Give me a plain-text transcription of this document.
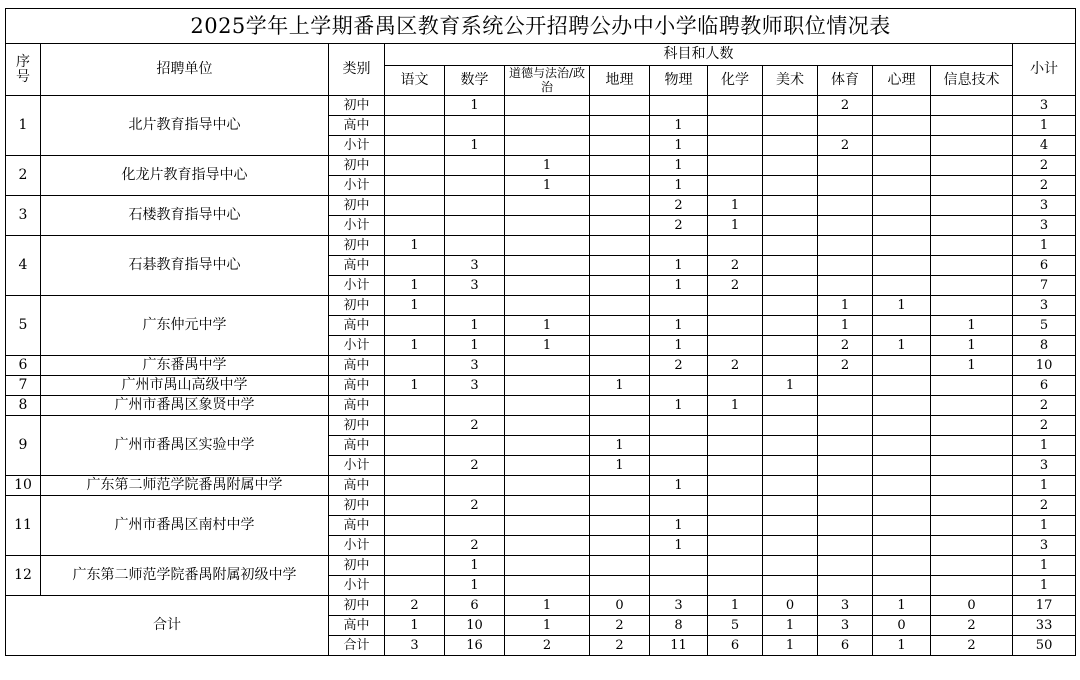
2025学年上学期番禺区教育系统公开招聘公办中小学临聘教师职位情况表													
序
号	招聘单位	类别	科目和人数										小计
			语文	数学	道德与法治/政治	地理	物理	化学	美术	体育	心理	信息技术	
1	北片教育指导中心	初中		1						2			3
		高中					1						1
		小计		1			1			2			4
2	化龙片教育指导中心	初中			1		1						2
		小计			1		1						2
3	石楼教育指导中心	初中					2	1					3
		小计					2	1					3
4	石碁教育指导中心	初中	1										1
		高中		3			1	2					6
		小计	1	3			1	2					7
5	广东仲元中学	初中	1							1	1		3
		高中		1	1		1			1		1	5
		小计	1	1	1		1			2	1	1	8
6	广东番禺中学	高中		3			2	2		2		1	10
7	广州市禺山高级中学	高中	1	3		1			1				6
8	广州市番禺区象贤中学	高中					1	1					2
9	广州市番禺区实验中学	初中		2									2
		高中				1							1
		小计		2		1							3
10	广东第二师范学院番禺附属中学	高中					1						1
11	广州市番禺区南村中学	初中		2									2
		高中					1						1
		小计		2			1						3
12	广东第二师范学院番禺附属初级中学	初中		1									1
		小计		1									1
合计		初中	2	6	1	0	3	1	0	3	1	0	17
		高中	1	10	1	2	8	5	1	3	0	2	33
		合计	3	16	2	2	11	6	1	6	1	2	50
